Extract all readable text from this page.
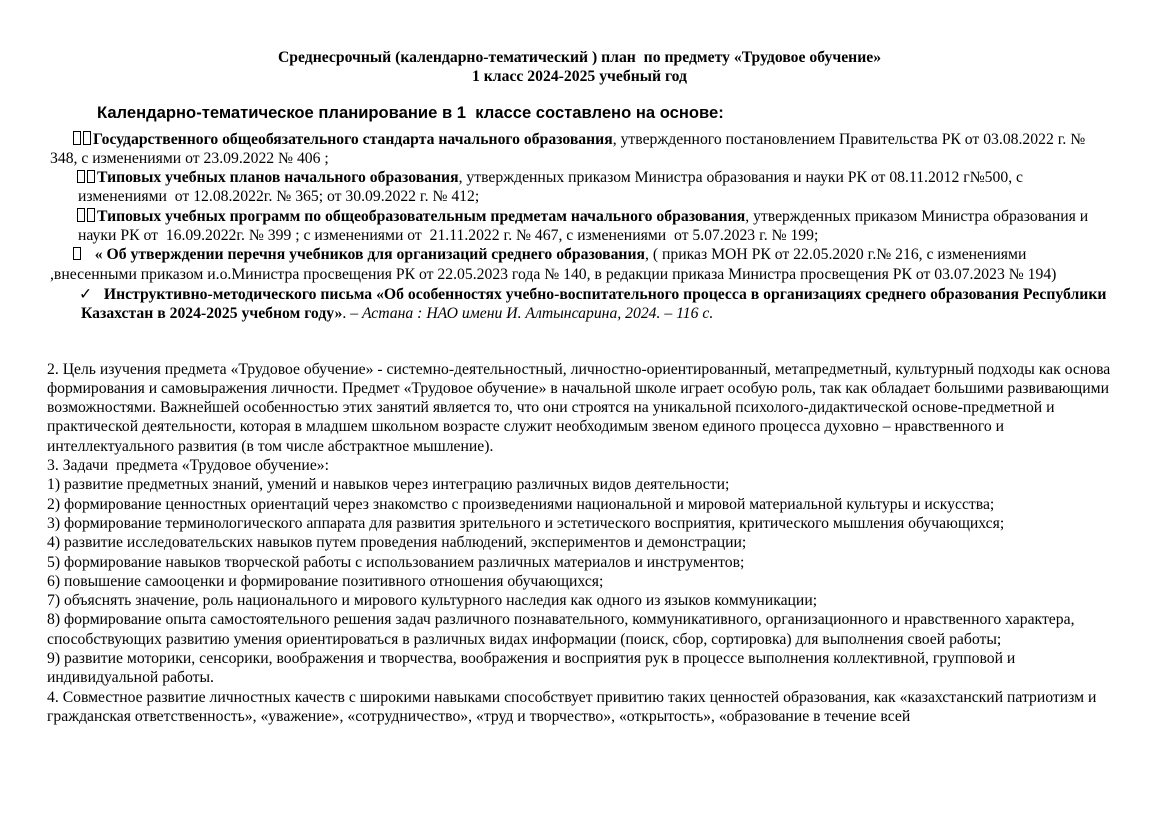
Среднесрочный (календарно-тематический ) план  по предмету «Трудовое обучение»
1 класс 2024-2025 учебный год
Календарно-тематическое планирование в 1  классе составлено на основе:
Государственного общеобязательного стандарта начального образования, утвержденного постановлением Правительства РК от 03.08.2022 г. № 348, с изменениями от 23.09.2022 № 406 ;
Типовых учебных планов начального образования, утвержденных приказом Министра образования и науки РК от 08.11.2012 г№500, с изменениями  от 12.08.2022г. № 365; от 30.09.2022 г. № 412;
Типовых учебных программ по общеобразовательным предметам начального образования, утвержденных приказом Министра образования и науки РК от  16.09.2022г. № 399 ; с изменениями от  21.11.2022 г. № 467, с изменениями  от 5.07.2023 г. № 199;
« Об утверждении перечня учебников для организаций среднего образования, ( приказ МОН РК от 22.05.2020 г.№ 216, с изменениями ,внесенными приказом и.о.Министра просвещения РК от 22.05.2023 года № 140, в редакции приказа Министра просвещения РК от 03.07.2023 № 194)
✓ Инструктивно-методического письма «Об особенностях учебно-воспитательного процесса в организациях среднего образования Республики Казахстан в 2024-2025 учебном году». – Астана : НАО имени И. Алтынсарина, 2024. – 116 с.
2. Цель изучения предмета «Трудовое обучение» - системно-деятельностный, личностно-ориентированный, метапредметный, культурный подходы как основа формирования и самовыражения личности. Предмет «Трудовое обучение» в начальной школе играет особую роль, так как обладает большими развивающими возможностями. Важнейшей особенностью этих занятий является то, что они строятся на уникальной психолого-дидактической основе-предметной и практической деятельности, которая в младшем школьном возрасте служит необходимым звеном единого процесса духовно – нравственного и интеллектуального развития (в том числе абстрактное мышление).
3. Задачи  предмета «Трудовое обучение»:
1) развитие предметных знаний, умений и навыков через интеграцию различных видов деятельности;
2) формирование ценностных ориентаций через знакомство с произведениями национальной и мировой материальной культуры и искусства;
3) формирование терминологического аппарата для развития зрительного и эстетического восприятия, критического мышления обучающихся;
4) развитие исследовательских навыков путем проведения наблюдений, экспериментов и демонстрации;
5) формирование навыков творческой работы с использованием различных материалов и инструментов;
6) повышение самооценки и формирование позитивного отношения обучающихся;
7) объяснять значение, роль национального и мирового культурного наследия как одного из языков коммуникации;
8) формирование опыта самостоятельного решения задач различного познавательного, коммуникативного, организационного и нравственного характера, способствующих развитию умения ориентироваться в различных видах информации (поиск, сбор, сортировка) для выполнения своей работы;
9) развитие моторики, сенсорики, воображения и творчества, воображения и восприятия рук в процессе выполнения коллективной, групповой и индивидуальной работы.
4. Совместное развитие личностных качеств с широкими навыками способствует привитию таких ценностей образования, как «казахстанский патриотизм и гражданская ответственность», «уважение», «сотрудничество», «труд и творчество», «открытость», «образование в течение всей
